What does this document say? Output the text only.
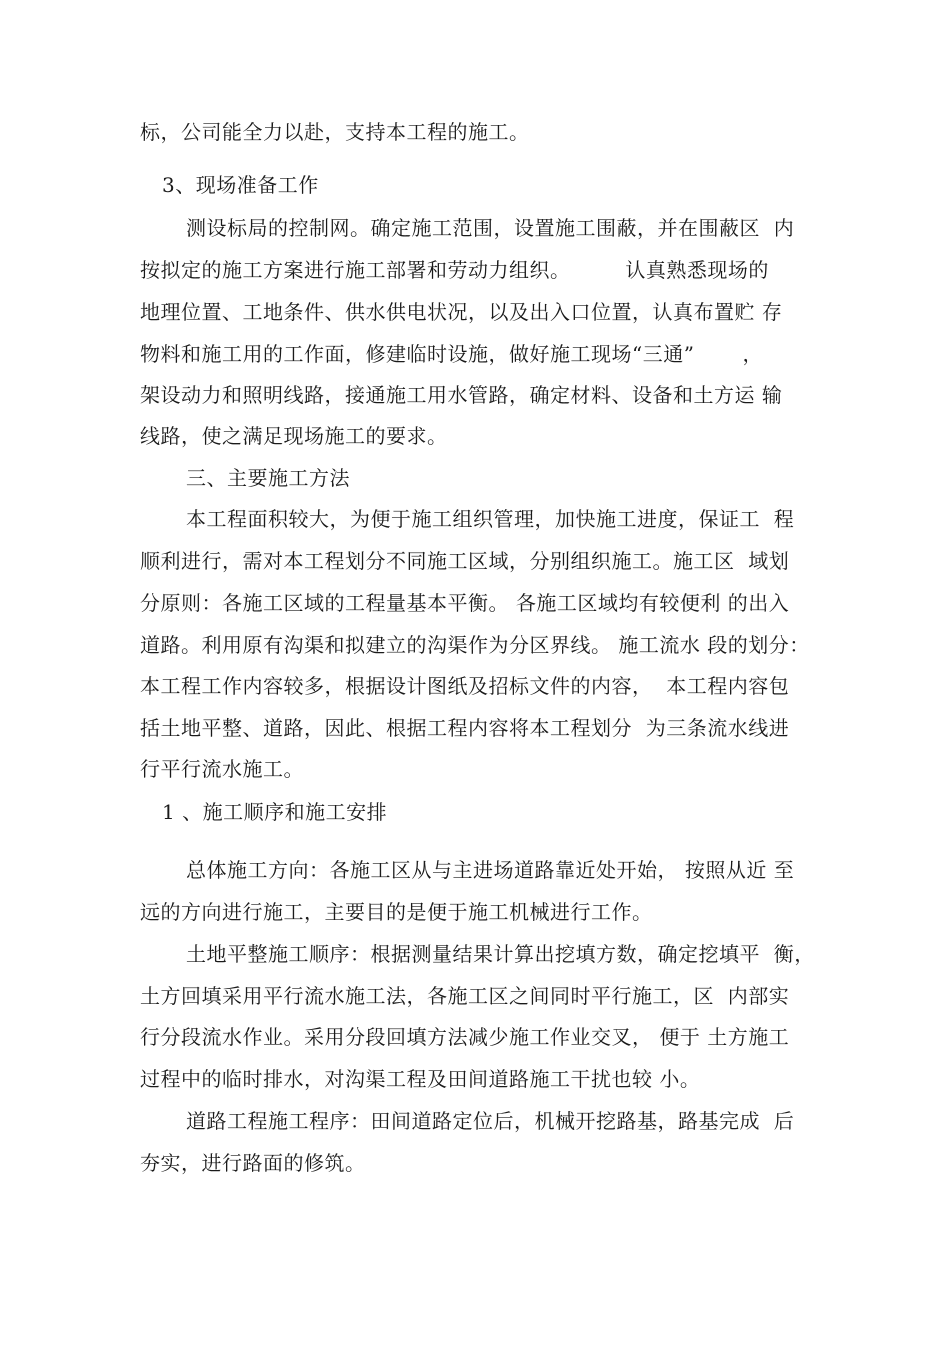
标，公司能全力以赴，支持本工程的施工。
3、现场准备工作
测设标局的控制网。确定施工范围，设置施工围蔽，并在围蔽区  内
按拟定的施工方案进行施工部署和劳动力组织。        认真熟悉现场的
地理位置、工地条件、供水供电状况，以及出入口位置，认真布置贮 存
物料和施工用的工作面，修建临时设施，做好施工现场“三通”       ，
架设动力和照明线路，接通施工用水管路，确定材料、设备和土方运 输
线路，使之满足现场施工的要求。
三、主要施工方法
本工程面积较大，为便于施工组织管理，加快施工进度，保证工  程
顺利进行，需对本工程划分不同施工区域，分别组织施工。施工区  域划
分原则：各施工区域的工程量基本平衡。 各施工区域均有较便利 的出入
道路。利用原有沟渠和拟建立的沟渠作为分区界线。 施工流水 段的划分：
本工程工作内容较多，根据设计图纸及招标文件的内容，  本工程内容包
括土地平整、道路，因此、根据工程内容将本工程划分  为三条流水线进
行平行流水施工。
1 、施工顺序和施工安排
总体施工方向：各施工区从与主进场道路靠近处开始， 按照从近 至
远的方向进行施工，主要目的是便于施工机械进行工作。
土地平整施工顺序：根据测量结果计算出挖填方数，确定挖填平  衡，
土方回填采用平行流水施工法，各施工区之间同时平行施工，区  内部实
行分段流水作业。采用分段回填方法减少施工作业交叉， 便于 土方施工
过程中的临时排水，对沟渠工程及田间道路施工干扰也较 小。
道路工程施工程序：田间道路定位后，机械开挖路基，路基完成  后
夯实，进行路面的修筑。
